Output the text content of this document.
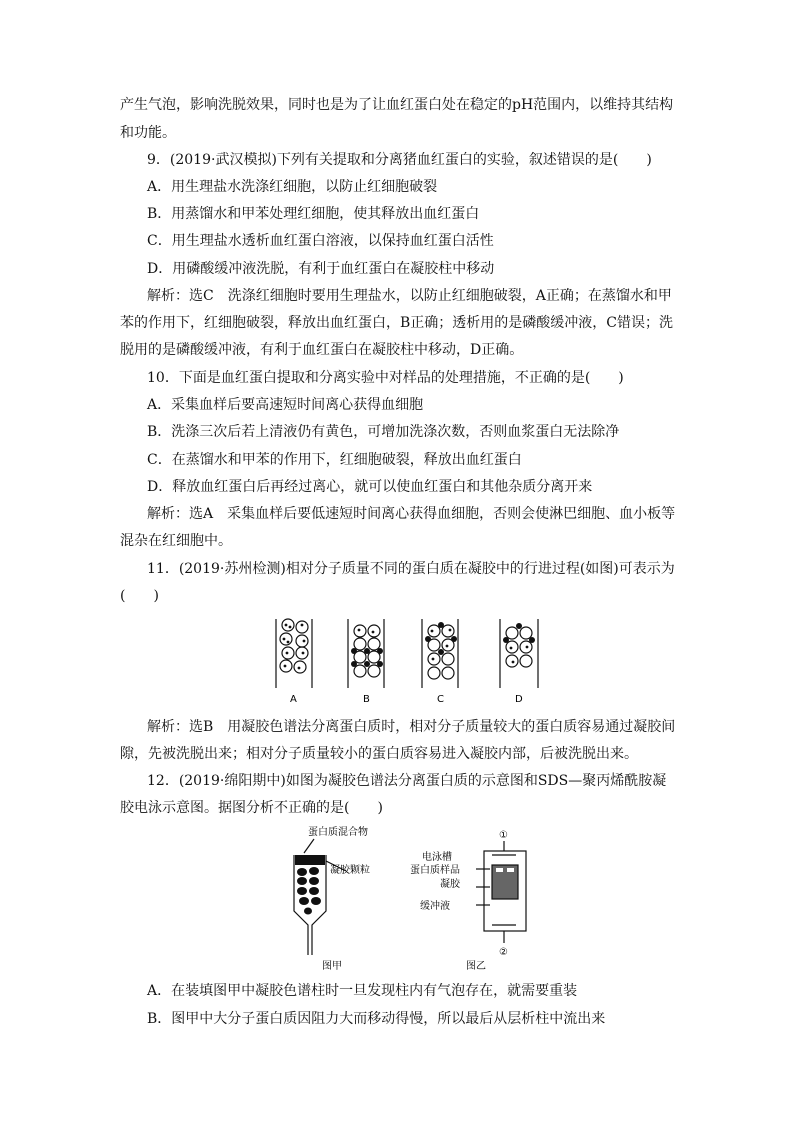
产生气泡，影响洗脱效果，同时也是为了让血红蛋白处在稳定的pH范围内，以维持其结构
和功能。
9．(2019·武汉模拟)下列有关提取和分离猪血红蛋白的实验，叙述错误的是(　　)
A．用生理盐水洗涤红细胞，以防止红细胞破裂
B．用蒸馏水和甲苯处理红细胞，使其释放出血红蛋白
C．用生理盐水透析血红蛋白溶液，以保持血红蛋白活性
D．用磷酸缓冲液洗脱，有利于血红蛋白在凝胶柱中移动
解析：选C　洗涤红细胞时要用生理盐水，以防止红细胞破裂，A正确；在蒸馏水和甲
苯的作用下，红细胞破裂，释放出血红蛋白，B正确；透析用的是磷酸缓冲液，C错误；洗
脱用的是磷酸缓冲液，有利于血红蛋白在凝胶柱中移动，D正确。
10．下面是血红蛋白提取和分离实验中对样品的处理措施，不正确的是(　　)
A．采集血样后要高速短时间离心获得血细胞
B．洗涤三次后若上清液仍有黄色，可增加洗涤次数，否则血浆蛋白无法除净
C．在蒸馏水和甲苯的作用下，红细胞破裂，释放出血红蛋白
D．释放血红蛋白后再经过离心，就可以使血红蛋白和其他杂质分离开来
解析：选A　采集血样后要低速短时间离心获得血细胞，否则会使淋巴细胞、血小板等
混杂在红细胞中。
11．(2019·苏州检测)相对分子质量不同的蛋白质在凝胶中的行进过程(如图)可表示为
(　　)
A	B	C	D
解析：选B　用凝胶色谱法分离蛋白质时，相对分子质量较大的蛋白质容易通过凝胶间
隙，先被洗脱出来；相对分子质量较小的蛋白质容易进入凝胶内部，后被洗脱出来。
12．(2019·绵阳期中)如图为凝胶色谱法分离蛋白质的示意图和SDS—聚丙烯酰胺凝
胶电泳示意图。据图分析不正确的是(　　)
蛋白质混合物
凝胶颗粒
图甲
①
②
电泳槽
蛋白质样品
凝胶
缓冲液
图乙
A．在装填图甲中凝胶色谱柱时一旦发现柱内有气泡存在，就需要重装
B．图甲中大分子蛋白质因阻力大而移动得慢，所以最后从层析柱中流出来
